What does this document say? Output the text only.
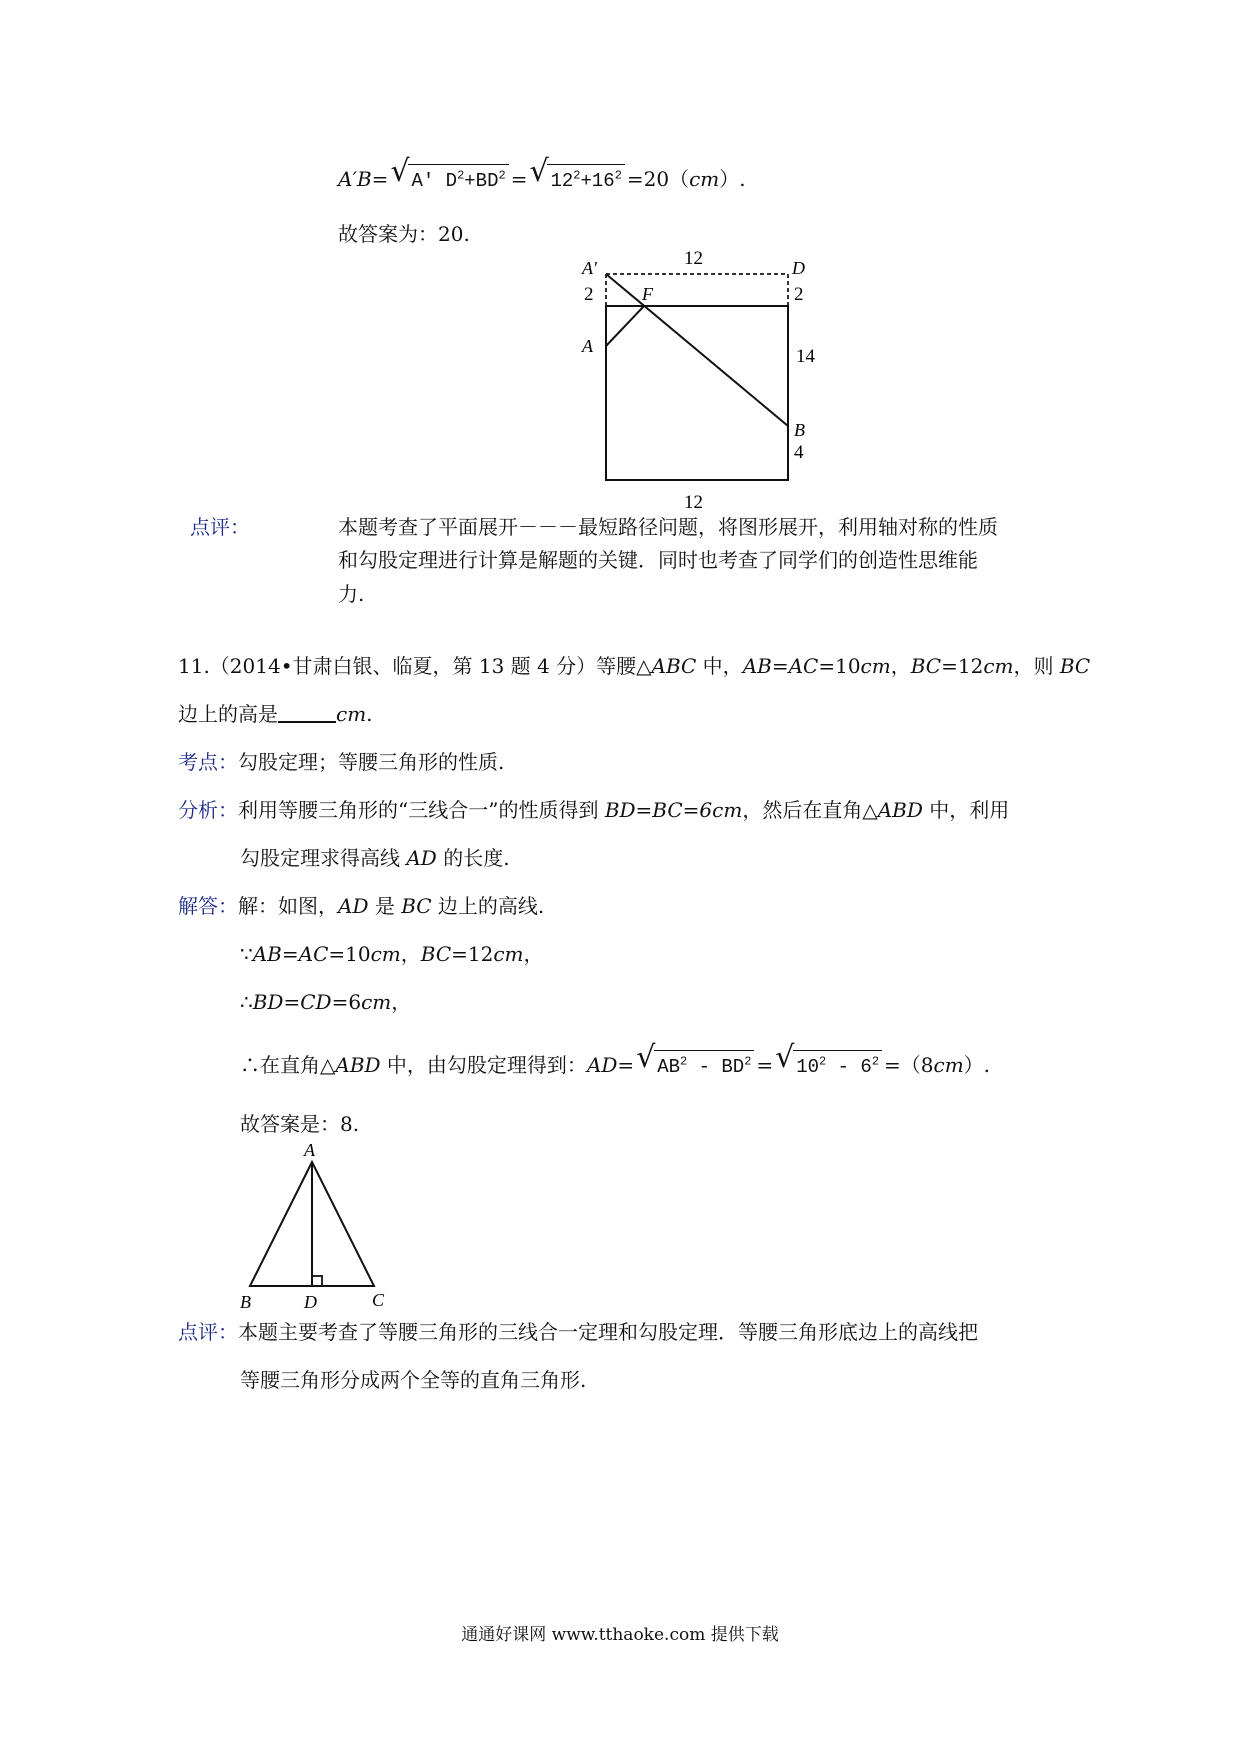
A′B= √ A′ $D^2+BD^2$ = √ $12^2+16^2 =20(cm)$.
故答案为：20.
A′	D
F
A
B
12
12
2	2
14
4
点评：	本题考查了平面展开－－－最短路径问题，将图形展开，利用轴对称的性质
和勾股定理进行计算是解题的关键．同时也考查了同学们的创造性思维能
力.
11.（2014•甘肃白银、临夏，第 13 题 4 分）等腰△ABC 中，AB=AC=10cm，BC=12cm，则 BC
边上的高是	cm.
考点：勾股定理；等腰三角形的性质.
分析：利用等腰三角形的“三线合一”的性质得到 BD=BC=6cm，然后在直角△ABD 中，利用
勾股定理求得高线 AD 的长度.
解答：解：如图，AD 是 BC 边上的高线.
∵AB=AC=10cm，BC=12cm，
∴BD=CD=6cm，
∴在直角△ABD 中，由勾股定理得到：AD= √ $AB^2 - BD^2$ = √ $10^2 - 6^2 =(8cm)$.
故答案是：8.
A
B	D	C
点评：本题主要考查了等腰三角形的三线合一定理和勾股定理．等腰三角形底边上的高线把
等腰三角形分成两个全等的直角三角形.
通通好课网 www.tthaoke.com 提供下载
